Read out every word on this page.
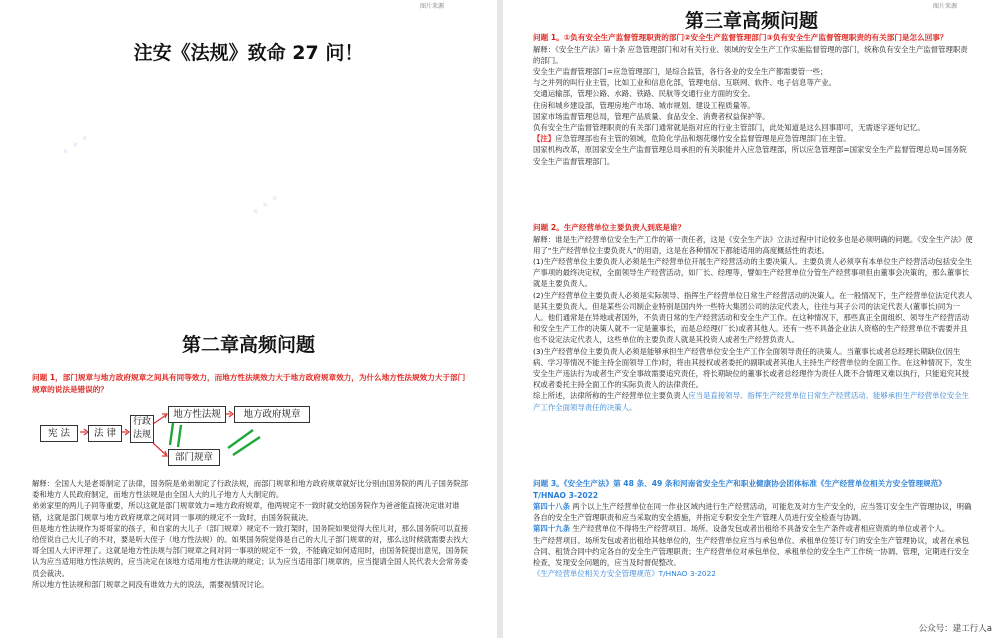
图片来源
注安《法规》致命 27 问！
✦ ✦ ✦
✦ ✦ ✦
第二章高频问题

问题 1，部门规章与地方政府规章之间具有同等效力，而地方性法规效力大于地方政府规章效力，为什么地方性法规效力大于部门规章的说法是错误的？

宪 法	法 律
行政法规
地方性法规	地方政府规章
部门规章

解释：全国人大是老哥制定了法律，国务院是弟弟制定了行政法规，而部门规章和地方政府规章就好比分别由国务院的两儿子国务院部委和地方人民政府制定，而地方性法规是由全国人大的儿子地方人大制定的。

弟弟家里的两儿子同等重要，所以这就是部门规章效力=地方政府规章，他两规定不一致时就交给国务院作为爸爸能直接决定谁对谁错，这就是部门规章与地方政府规章之间对同一事项的规定不一致时，由国务院裁决。

但是地方性法规作为哥哥家的孩子，和自家的大儿子（部门规章）规定不一致打架时，国务院如果觉得大侄儿对，那么国务院可以直接给侄说自己大儿子的不对，要是听大侄子（地方性法规）的。如果国务院觉得是自己的大儿子部门规章的对，那么这时候就需要去找大哥全国人大评评理了。这就是地方性法规与部门规章之间对同一事项的规定不一致，不能确定如何适用时，由国务院提出意见，国务院认为应当适用地方性法规的，应当决定在该地方适用地方性法规的规定；认为应当适用部门规章的，应当提请全国人民代表大会常务委员会裁决。

所以地方性法规和部门规章之间没有谁效力大的说法，需要视情况讨论。

图片来源
第三章高频问题

问题 1。①负有安全生产监督管理职责的部门②安全生产监督管理部门③负有安全生产监督管理职责的有关部门是怎么回事？

解释：《安全生产法》第十条 应急管理部门和对有关行业、领域的安全生产工作实施监督管理的部门，统称负有安全生产监督管理职责的部门。

安全生产监督管理部门=应急管理部门，是综合监管，各行各业的安全生产都需要管一些；

与之并列的叫行业主管，比如工业和信息化部，管理电信、互联网、软件、电子信息等产业。

交通运输部，管理公路、水路、铁路、民航等交通行业方面的安全。

住房和城乡建设部，管理房地产市场、城市规划、建设工程质量等。

国家市场监督管理总局，管理产品质量、食品安全、消费者权益保护等。

负有安全生产监督管理职责的有关部门通常就是指对应的行业主管部门，此处知道是这么回事即可，无需逐字逐句记忆。

【注】应急管理部也有主管的领域，危险化学品和烟花爆竹安全监督管理是应急管理部门在主管。

国家机构改革，原国家安全生产监督管理总局承担的有关职能并入应急管理部，所以应急管理部=国家安全生产监督管理总局=国务院安全生产监督管理部门。

问题 2。生产经营单位主要负责人到底是谁？

解释：谁是生产经营单位安全生产工作的第一责任者，这是《安全生产法》立法过程中讨论较多也是必须明确的问题。《安全生产法》使用了“生产经营单位主要负责人”的用语，这是在各种情况下都能适用的高度概括性的表述。

(1)生产经营单位主要负责人必须是生产经营单位开展生产经营活动的主要决策人。主要负责人必须享有本单位生产经营活动包括安全生产事项的最终决定权，全面领导生产经营活动，如厂长、经理等，譬如生产经营单位分管生产经营事项但由董事会决策的，那么董事长就是主要负责人。

(2)生产经营单位主要负责人必须是实际领导、指挥生产经营单位日常生产经营活动的决策人。在一般情况下，生产经营单位法定代表人是其主要负责人。但是某些公司制企业特别是国内外一些特大集团公司的法定代表人，往往与其子公司的法定代表人(董事长)同为一人。他们通常是在异地或者国外，不负责日常的生产经营活动和安全生产工作。在这种情况下，那些真正全面组织、领导生产经营活动和安全生产工作的决策人就不一定是董事长，而是总经理(厂长)或者其他人。还有一些不具备企业法人资格的生产经营单位不需要并且也不设定法定代表人，这些单位的主要负责人就是其投资人或者生产经营负责人。

(3)生产经营单位主要负责人必须是能够承担生产经营单位安全生产工作全面领导责任的决策人。当董事长或者总经理长期缺位(因生病、学习等情况不能主持全面领导工作)时，将由其授权或者委托的副职或者其他人主持生产经营单位的全面工作。在这种情况下，发生安全生产违法行为或者生产安全事故需要追究责任，将长期缺位的董事长或者总经理作为责任人既不合情理又难以执行，只能追究其授权或者委托主持全面工作的实际负责人的法律责任。

综上所述，法律所称的生产经营单位主要负责人应当是直接领导、指挥生产经营单位日常生产经营活动、能够承担生产经营单位安全生产工作全面领导责任的决策人。

问题 3。《安全生产法》第 48 条、49 条和河南省安全生产和职业健康协会团体标准《生产经营单位相关方安全管理规范》T/HNAO 3-2022

第四十八条 两个以上生产经营单位在同一作业区域内进行生产经营活动，可能危及对方生产安全的，应当签订安全生产管理协议，明确各自的安全生产管理职责和应当采取的安全措施，并指定专职安全生产管理人员进行安全检查与协调。

第四十九条 生产经营单位不得将生产经营项目、场所、设备发包或者出租给不具备安全生产条件或者相应资质的单位或者个人。

生产经营项目、场所发包或者出租给其他单位的，生产经营单位应当与承包单位、承租单位签订专门的安全生产管理协议，或者在承包合同、租赁合同中约定各自的安全生产管理职责；生产经营单位对承包单位、承租单位的安全生产工作统一协调、管理，定期进行安全检查，发现安全问题的，应当及时督促整改。

《生产经营单位相关方安全管理规范》T/HNAO 3-2022

公众号：建工行人a
